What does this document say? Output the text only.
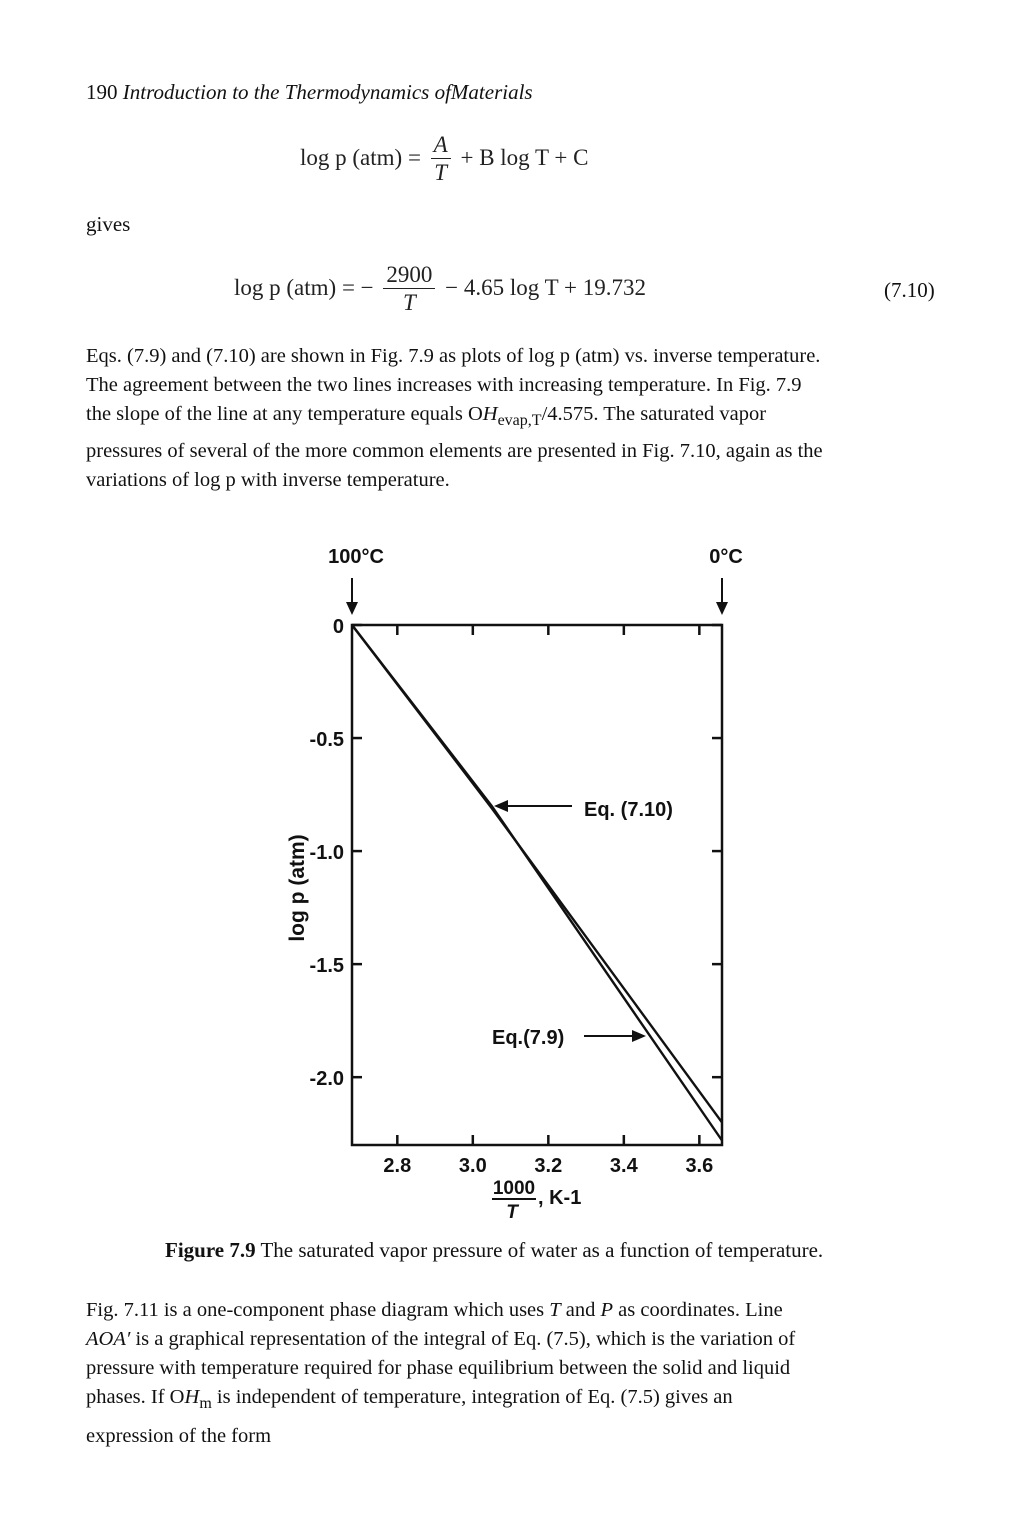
190 Introduction to the Thermodynamics ofMaterials
log p $(atm) = \frac{A}{T} + B$ log T + C
gives
log p (atm) = − $\frac{2900}{T} - 4.65$ log T + 19.732	(7.10)
Eqs. (7.9) and (7.10) are shown in Fig. 7.9 as plots of log p (atm) vs. inverse temperature.
The agreement between the two lines increases with increasing temperature. In Fig. 7.9
the slope of the line at any temperature equals $OH_{evap,T}/4.575$. The saturated vapor
pressures of several of the more common elements are presented in Fig. 7.10, again as the
variations of log p with inverse temperature.
0
-0.5
-1.0
-1.5
-2.0
2.8 3.0 3.2 3.4 3.6
100°C	0°C
Eq. (7.10)
Eq.(7.9)
log p (atm)
1000
T
, K-1
Figure 7.9 The saturated vapor pressure of water as a function of temperature.
Fig. 7.11 is a one-component phase diagram which uses T and P as coordinates. Line
AOA′ is a graphical representation of the integral of Eq. (7.5), which is the variation of
pressure with temperature required for phase equilibrium between the solid and liquid
phases. If $OH_m$ is independent of temperature, integration of Eq. (7.5) gives an
expression of the form
